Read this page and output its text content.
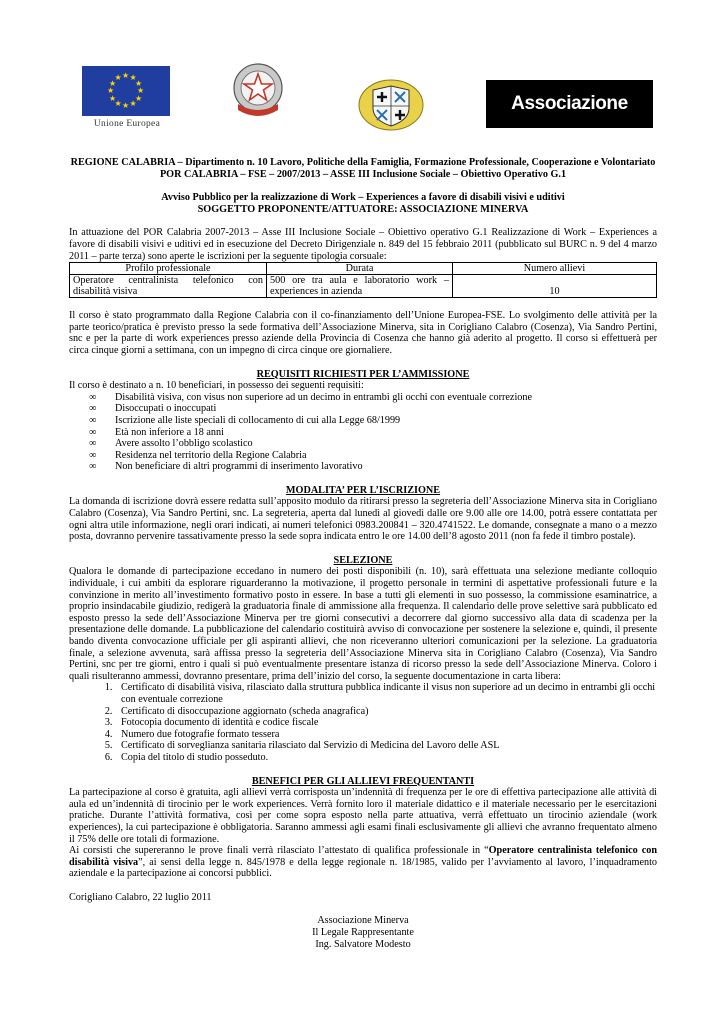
★
★
★
★
★
★
★
★
★ ★ ★
★
Unione Europea
Associazione Minerva
REGIONE CALABRIA – Dipartimento n. 10 Lavoro, Politiche della Famiglia, Formazione Professionale, Cooperazione e Volontariato
POR CALABRIA – FSE – 2007/2013 – ASSE III Inclusione Sociale – Obiettivo Operativo G.1
Avviso Pubblico per la realizzazione di Work – Experiences a favore di disabili visivi e uditivi
SOGGETTO PROPONENTE/ATTUATORE: ASSOCIAZIONE MINERVA
In attuazione del POR Calabria 2007-2013 – Asse III Inclusione Sociale – Obiettivo operativo G.1 Realizzazione di Work – Experiences a favore di disabili visivi e uditivi ed in esecuzione del Decreto Dirigenziale n. 849 del 15 febbraio 2011 (pubblicato sul BURC n. 9 del 4 marzo 2011 – parte terza) sono aperte le iscrizioni per la seguente tipologia corsuale:
Profilo professionale	Durata	Numero allievi
Operatore centralinista telefonico con disabilità visiva	500 ore tra aula e laboratorio work – experiences in azienda	10
Il corso è stato programmato dalla Regione Calabria con il co-finanziamento dell’Unione Europea-FSE. Lo svolgimento delle attività per la parte teorico/pratica è previsto presso la sede formativa dell’Associazione Minerva, sita in Corigliano Calabro (Cosenza), Via Sandro Pertini, snc e per la parte di work experiences presso aziende della Provincia di Cosenza che hanno già aderito al progetto. Il corso si effettuerà per circa cinque giorni a settimana, con un impegno di circa cinque ore giornaliere.
REQUISITI RICHIESTI PER L’AMMISSIONE
Il corso è destinato a n. 10 beneficiari, in possesso dei seguenti requisiti:
∞ Disabilità visiva, con visus non superiore ad un decimo in entrambi gli occhi con eventuale correzione
∞ Disoccupati o inoccupati
∞ Iscrizione alle liste speciali di collocamento di cui alla Legge 68/1999
∞ Età non inferiore a 18 anni
∞ Avere assolto l’obbligo scolastico
∞ Residenza nel territorio della Regione Calabria
∞ Non beneficiare di altri programmi di inserimento lavorativo
MODALITA’ PER L’ISCRIZIONE
La domanda di iscrizione dovrà essere redatta sull’apposito modulo da ritirarsi presso la segreteria dell’Associazione Minerva sita in Corigliano Calabro (Cosenza), Via Sandro Pertini, snc. La segreteria, aperta dal lunedì al giovedì dalle ore 9.00 alle ore 14.00, potrà essere contattata per ogni altra utile informazione, negli orari indicati, ai numeri telefonici 0983.200841 – 320.4741522. Le domande, consegnate a mano o a mezzo posta, dovranno pervenire tassativamente presso la sede sopra indicata entro le ore 14.00 dell’8 agosto 2011 (non fa fede il timbro postale).
SELEZIONE
Qualora le domande di partecipazione eccedano in numero dei posti disponibili (n. 10), sarà effettuata una selezione mediante colloquio individuale, i cui ambiti da esplorare riguarderanno la motivazione, il progetto personale in termini di aspettative professionali future e la convinzione in merito all’investimento formativo posto in essere. In base a tutti gli elementi in suo possesso, la commissione esaminatrice, a proprio insindacabile giudizio, redigerà la graduatoria finale di ammissione alla frequenza. Il calendario delle prove selettive sarà pubblicato ed esposto presso la sede dell’Associazione Minerva per tre giorni consecutivi a decorrere dal giorno successivo alla data di scadenza per la presentazione delle domande. La pubblicazione del calendario costituirà avviso di convocazione per sostenere la selezione e, quindi, il presente bando diventa convocazione ufficiale per gli aspiranti allievi, che non riceveranno ulteriori comunicazioni per la selezione. La graduatoria finale, a selezione avvenuta, sarà affissa presso la segreteria dell’Associazione Minerva sita in Corigliano Calabro (Cosenza), Via Sandro Pertini, snc per tre giorni, entro i quali si può eventualmente presentare istanza di ricorso presso la sede dell’Associazione Minerva. Coloro i quali risulteranno ammessi, dovranno presentare, prima dell’inizio del corso, la seguente documentazione in carta libera:
1. Certificato di disabilità visiva, rilasciato dalla struttura pubblica indicante il visus non superiore ad un decimo in entrambi gli occhi con eventuale correzione
2. Certificato di disoccupazione aggiornato (scheda anagrafica)
3. Fotocopia documento di identità e codice fiscale
4. Numero due fotografie formato tessera
5. Certificato di sorveglianza sanitaria rilasciato dal Servizio di Medicina del Lavoro delle ASL
6. Copia del titolo di studio posseduto.
BENEFICI PER GLI ALLIEVI FREQUENTANTI
La partecipazione al corso è gratuita, agli allievi verrà corrisposta un’indennità di frequenza per le ore di effettiva partecipazione alle attività di aula ed un’indennità di tirocinio per le work experiences. Verrà fornito loro il materiale didattico e il materiale necessario per le esercitazioni pratiche. Durante l’attività formativa, così per come sopra esposto nella parte attuativa, verrà effettuato un tirocinio aziendale (work experiences), la cui partecipazione è obbligatoria. Saranno ammessi agli esami finali esclusivamente gli allievi che avranno frequentato almeno il 75% delle ore totali di formazione.
Ai corsisti che supereranno le prove finali verrà rilasciato l’attestato di qualifica professionale in “Operatore centralinista telefonico con disabilità visiva”, ai sensi della legge n. 845/1978 e della legge regionale n. 18/1985, valido per l’avviamento al lavoro, l’inquadramento aziendale e la partecipazione ai concorsi pubblici.
Corigliano Calabro, 22 luglio 2011
Associazione Minerva
Il Legale Rappresentante
Ing. Salvatore Modesto
